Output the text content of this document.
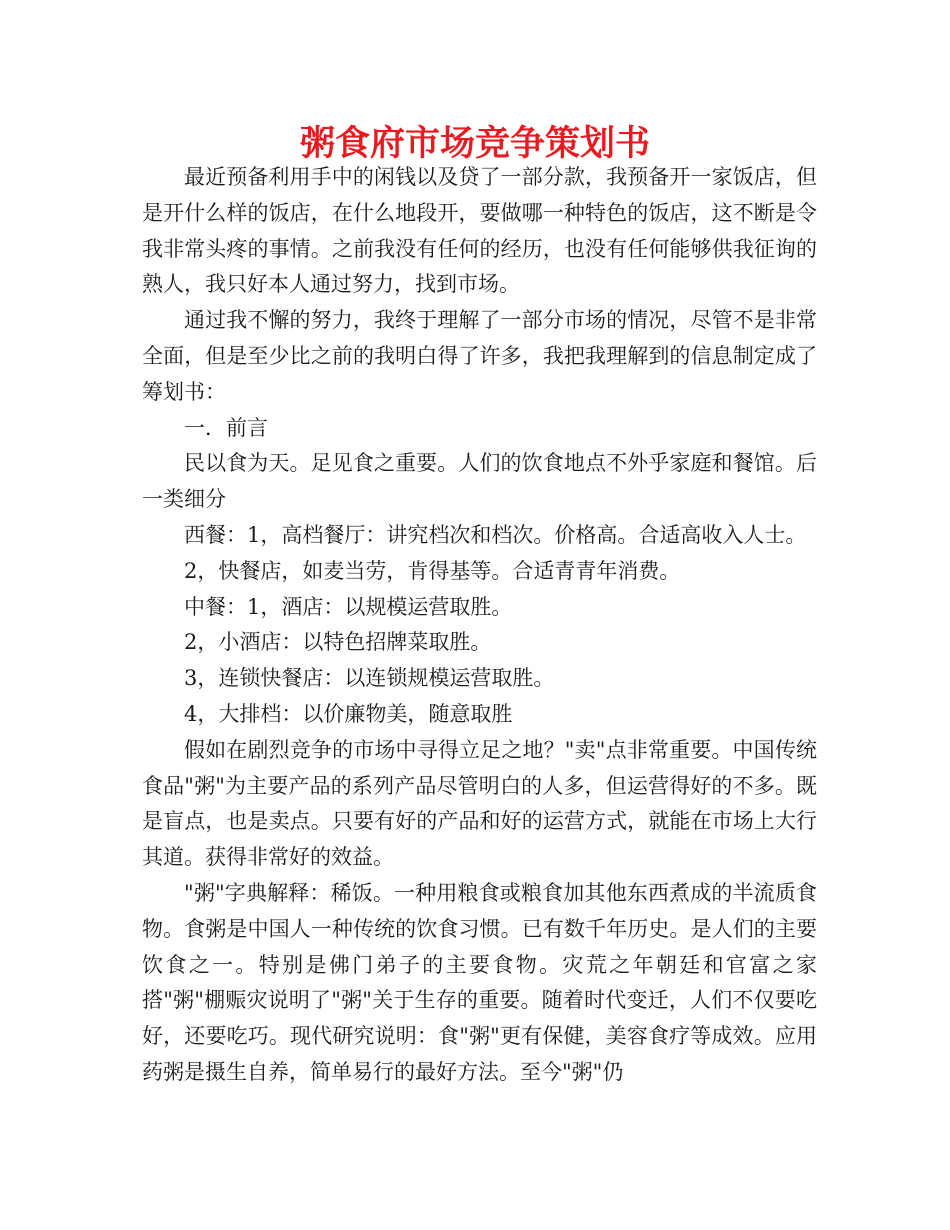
粥食府市场竞争策划书

最近预备利用手中的闲钱以及贷了一部分款，我预备开一家饭店，但是开什么样的饭店，在什么地段开，要做哪一种特色的饭店，这不断是令我非常头疼的事情。之前我没有任何的经历，也没有任何能够供我征询的熟人，我只好本人通过努力，找到市场。

通过我不懈的努力，我终于理解了一部分市场的情况，尽管不是非常全面，但是至少比之前的我明白得了许多，我把我理解到的信息制定成了筹划书：

一．前言

民以食为天。足见食之重要。人们的饮食地点不外乎家庭和餐馆。后一类细分

西餐：1，高档餐厅：讲究档次和档次。价格高。合适高收入人士。

2，快餐店，如麦当劳，肯得基等。合适青青年消费。

中餐：1，酒店：以规模运营取胜。

2，小酒店：以特色招牌菜取胜。

3，连锁快餐店：以连锁规模运营取胜。

4，大排档：以价廉物美，随意取胜

假如在剧烈竞争的市场中寻得立足之地？"卖"点非常重要。中国传统食品"粥"为主要产品的系列产品尽管明白的人多，但运营得好的不多。既是盲点，也是卖点。只要有好的产品和好的运营方式，就能在市场上大行其道。获得非常好的效益。

"粥"字典解释：稀饭。一种用粮食或粮食加其他东西煮成的半流质食物。食粥是中国人一种传统的饮食习惯。已有数千年历史。是人们的主要饮食之一。特别是佛门弟子的主要食物。灾荒之年朝廷和官富之家搭"粥"棚赈灾说明了"粥"关于生存的重要。随着时代变迁，人们不仅要吃好，还要吃巧。现代研究说明：食"粥"更有保健，美容食疗等成效。应用药粥是摄生自养，简单易行的最好方法。至今"粥"仍
